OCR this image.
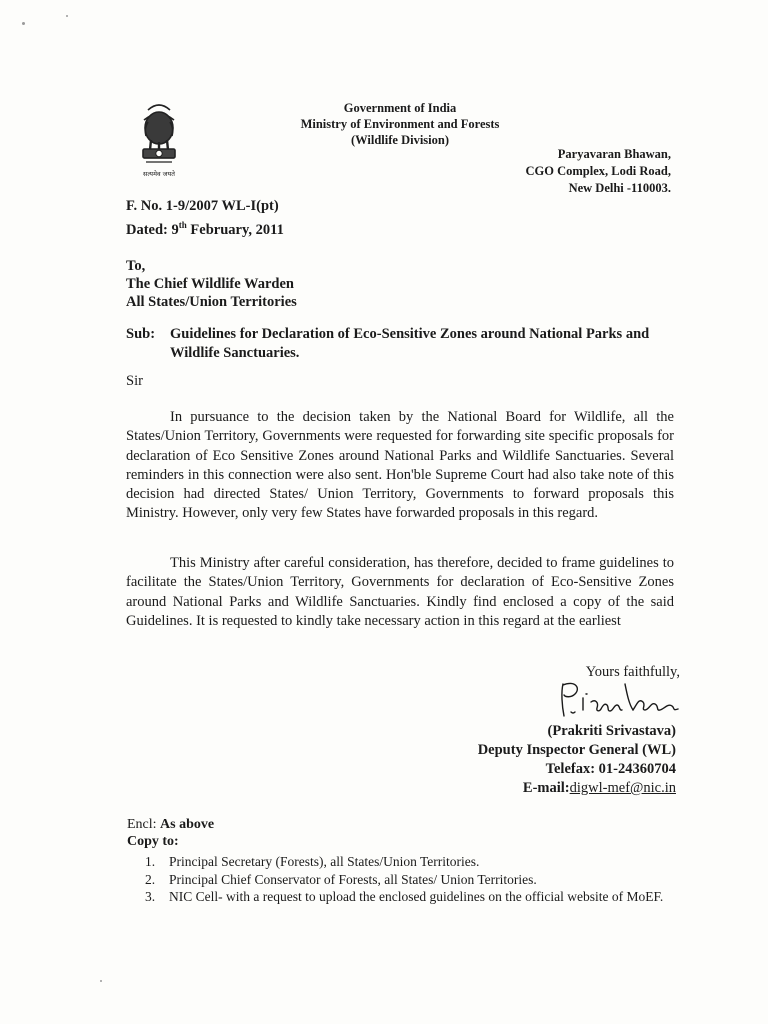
सत्यमेव जयते
Government of India
Ministry of Environment and Forests
(Wildlife Division)
Paryavaran Bhawan,
CGO Complex, Lodi Road,
New Delhi -110003.
F. No. 1-9/2007 WL-I(pt)
Dated: 9th February, 2011
To,
The Chief Wildlife Warden
All States/Union Territories
Sub: Guidelines for Declaration of Eco-Sensitive Zones around National Parks and Wildlife Sanctuaries.
Sir
In pursuance to the decision taken by the National Board for Wildlife, all the States/Union Territory, Governments were requested for forwarding site specific proposals for declaration of Eco Sensitive Zones around National Parks and Wildlife Sanctuaries. Several reminders in this connection were also sent. Hon'ble Supreme Court had also take note of this decision had directed States/ Union Territory, Governments to forward proposals this Ministry. However, only very few States have forwarded proposals in this regard.
This Ministry after careful consideration, has therefore, decided to frame guidelines to facilitate the States/Union Territory, Governments for declaration of Eco-Sensitive Zones around National Parks and Wildlife Sanctuaries. Kindly find enclosed a copy of the said Guidelines. It is requested to kindly take necessary action in this regard at the earliest
Yours faithfully,
(Prakriti Srivastava)
Deputy Inspector General (WL)
Telefax: 01-24360704
E-mail:digwl-mef@nic.in
Encl: As above
Copy to:
1. Principal Secretary (Forests), all States/Union Territories.
2. Principal Chief Conservator of Forests, all States/ Union Territories.
3. NIC Cell- with a request to upload the enclosed guidelines on the official website of MoEF.
